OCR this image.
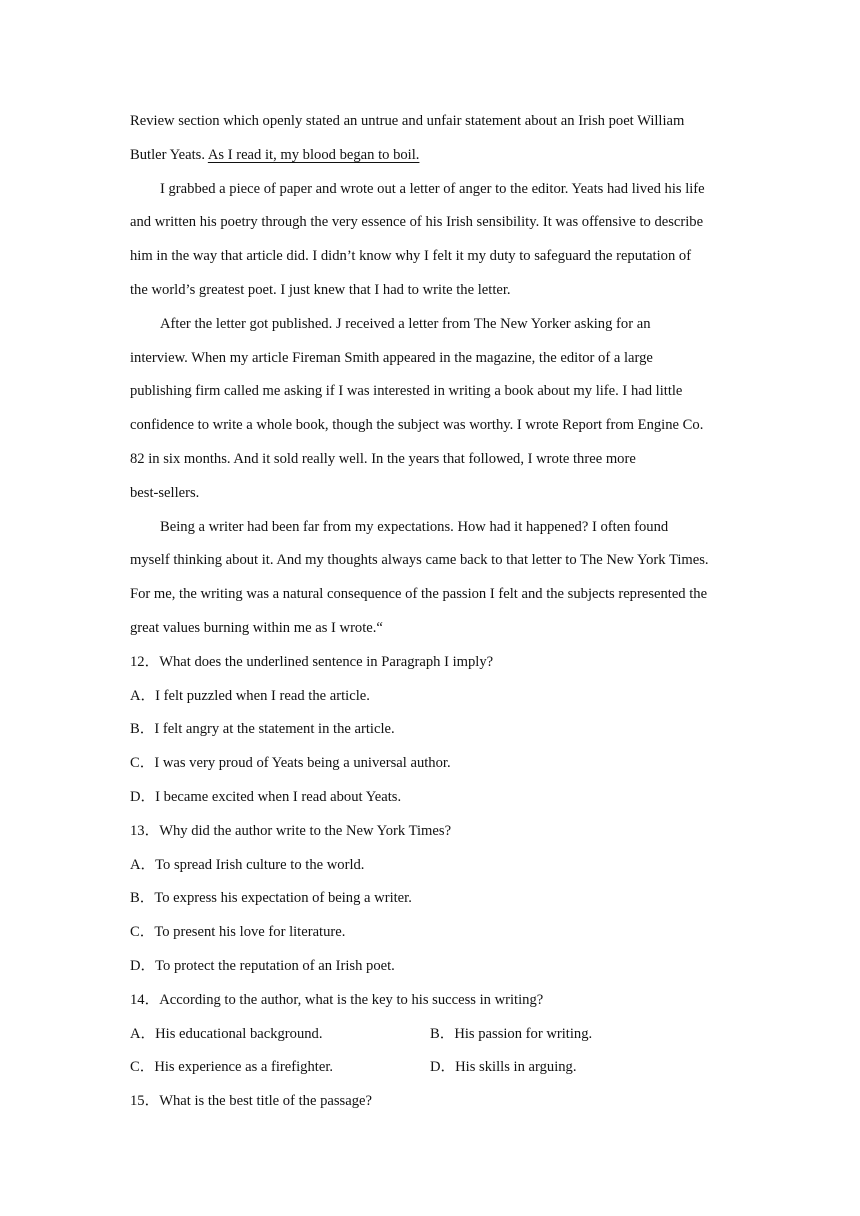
Review section which openly stated an untrue and unfair statement about an Irish poet William
Butler Yeats. As I read it, my blood began to boil.
I grabbed a piece of paper and wrote out a letter of anger to the editor. Yeats had lived his life
and written his poetry through the very essence of his Irish sensibility. It was offensive to describe
him in the way that article did. I didn’t know why I felt it my duty to safeguard the reputation of
the world’s greatest poet. I just knew that I had to write the letter.
After the letter got published. J received a letter from The New Yorker asking for an
interview. When my article Fireman Smith appeared in the magazine, the editor of a large
publishing firm called me asking if I was interested in writing a book about my life. I had little
confidence to write a whole book, though the subject was worthy. I wrote Report from Engine Co.
82 in six months. And it sold really well. In the years that followed, I wrote three more
best-sellers.
Being a writer had been far from my expectations. How had it happened? I often found
myself thinking about it. And my thoughts always came back to that letter to The New York Times.
For me, the writing was a natural consequence of the passion I felt and the subjects represented the
great values burning within me as I wrote.“
12．What does the underlined sentence in Paragraph I imply?
A．I felt puzzled when I read the article.
B．I felt angry at the statement in the article.
C．I was very proud of Yeats being a universal author.
D．I became excited when I read about Yeats.
13．Why did the author write to the New York Times?
A．To spread Irish culture to the world.
B．To express his expectation of being a writer.
C．To present his love for literature.
D．To protect the reputation of an Irish poet.
14．According to the author, what is the key to his success in writing?
A．His educational background.	B．His passion for writing.
C．His experience as a firefighter.	D．His skills in arguing.
15．What is the best title of the passage?
